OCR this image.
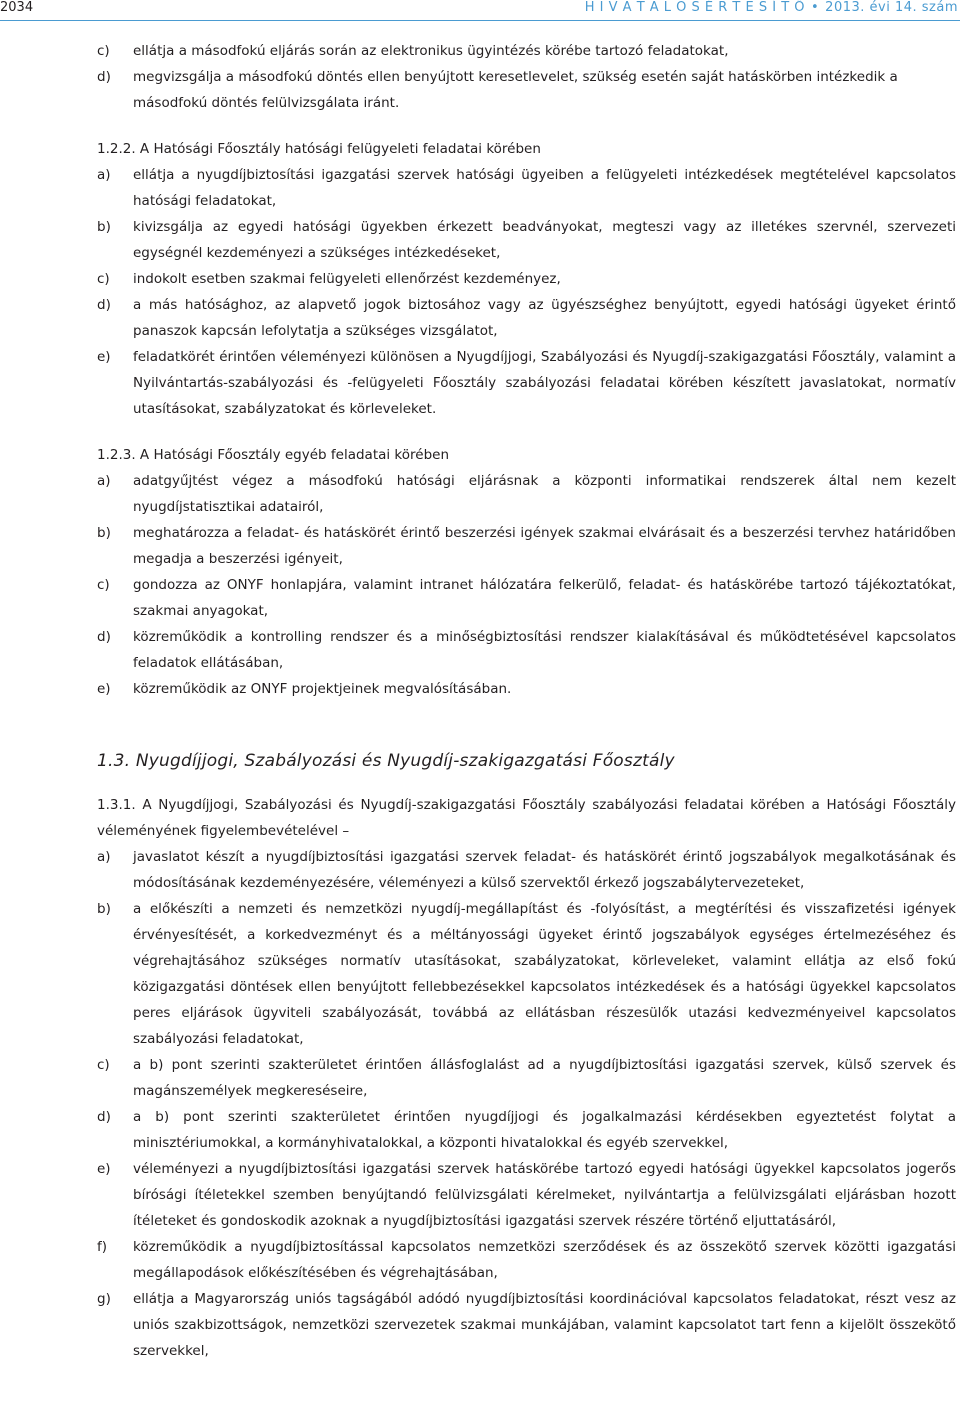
2034	H I V A T A L O S É R T E S Í T Ő • 2013. évi 14. szám
c) ellátja a másodfokú eljárás során az elektronikus ügyintézés körébe tartozó feladatokat,
d) megvizsgálja a másodfokú döntés ellen benyújtott keresetlevelet, szükség esetén saját hatáskörben intézkedik a másodfokú döntés felülvizsgálata iránt.
1.2.2. A Hatósági Főosztály hatósági felügyeleti feladatai körében
a) ellátja a nyugdíjbiztosítási igazgatási szervek hatósági ügyeiben a felügyeleti intézkedések megtételével kapcsolatos hatósági feladatokat,
b) kivizsgálja az egyedi hatósági ügyekben érkezett beadványokat, megteszi vagy az illetékes szervnél, szervezeti egységnél kezdeményezi a szükséges intézkedéseket,
c) indokolt esetben szakmai felügyeleti ellenőrzést kezdeményez,
d) a más hatósághoz, az alapvető jogok biztosához vagy az ügyészséghez benyújtott, egyedi hatósági ügyeket érintő panaszok kapcsán lefolytatja a szükséges vizsgálatot,
e) feladatkörét érintően véleményezi különösen a Nyugdíjjogi, Szabályozási és Nyugdíj-szakigazgatási Főosztály, valamint a Nyilvántartás-szabályozási és -felügyeleti Főosztály szabályozási feladatai körében készített javaslatokat, normatív utasításokat, szabályzatokat és körleveleket.
1.2.3. A Hatósági Főosztály egyéb feladatai körében
a) adatgyűjtést végez a másodfokú hatósági eljárásnak a központi informatikai rendszerek által nem kezelt nyugdíjstatisztikai adatairól,
b) meghatározza a feladat- és hatáskörét érintő beszerzési igények szakmai elvárásait és a beszerzési tervhez határidőben megadja a beszerzési igényeit,
c) gondozza az ONYF honlapjára, valamint intranet hálózatára felkerülő, feladat- és hatáskörébe tartozó tájékoztatókat, szakmai anyagokat,
d) közreműködik a kontrolling rendszer és a minőségbiztosítási rendszer kialakításával és működtetésével kapcsolatos feladatok ellátásában,
e) közreműködik az ONYF projektjeinek megvalósításában.
1.3. Nyugdíjjogi, Szabályozási és Nyugdíj-szakigazgatási Főosztály
1.3.1. A Nyugdíjjogi, Szabályozási és Nyugdíj-szakigazgatási Főosztály szabályozási feladatai körében a Hatósági Főosztály véleményének figyelembevételével –
a) javaslatot készít a nyugdíjbiztosítási igazgatási szervek feladat- és hatáskörét érintő jogszabályok megalkotásának és módosításának kezdeményezésére, véleményezi a külső szervektől érkező jogszabálytervezeteket,
b) a előkészíti a nemzeti és nemzetközi nyugdíj-megállapítást és -folyósítást, a megtérítési és visszafizetési igények érvényesítését, a korkedvezményt és a méltányossági ügyeket érintő jogszabályok egységes értelmezéséhez és végrehajtásához szükséges normatív utasításokat, szabályzatokat, körleveleket, valamint ellátja az első fokú közigazgatási döntések ellen benyújtott fellebbezésekkel kapcsolatos intézkedések és a hatósági ügyekkel kapcsolatos peres eljárások ügyviteli szabályozását, továbbá az ellátásban részesülők utazási kedvezményeivel kapcsolatos szabályozási feladatokat,
c) a b) pont szerinti szakterületet érintően állásfoglalást ad a nyugdíjbiztosítási igazgatási szervek, külső szervek és magánszemélyek megkereséseire,
d) a b) pont szerinti szakterületet érintően nyugdíjjogi és jogalkalmazási kérdésekben egyeztetést folytat a minisztériumokkal, a kormányhivatalokkal, a központi hivatalokkal és egyéb szervekkel,
e) véleményezi a nyugdíjbiztosítási igazgatási szervek hatáskörébe tartozó egyedi hatósági ügyekkel kapcsolatos jogerős bírósági ítéletekkel szemben benyújtandó felülvizsgálati kérelmeket, nyilvántartja a felülvizsgálati eljárásban hozott ítéleteket és gondoskodik azoknak a nyugdíjbiztosítási igazgatási szervek részére történő eljuttatásáról,
f) közreműködik a nyugdíjbiztosítással kapcsolatos nemzetközi szerződések és az összekötő szervek közötti igazgatási megállapodások előkészítésében és végrehajtásában,
g) ellátja a Magyarország uniós tagságából adódó nyugdíjbiztosítási koordinációval kapcsolatos feladatokat, részt vesz az uniós szakbizottságok, nemzetközi szervezetek szakmai munkájában, valamint kapcsolatot tart fenn a kijelölt összekötő szervekkel,
